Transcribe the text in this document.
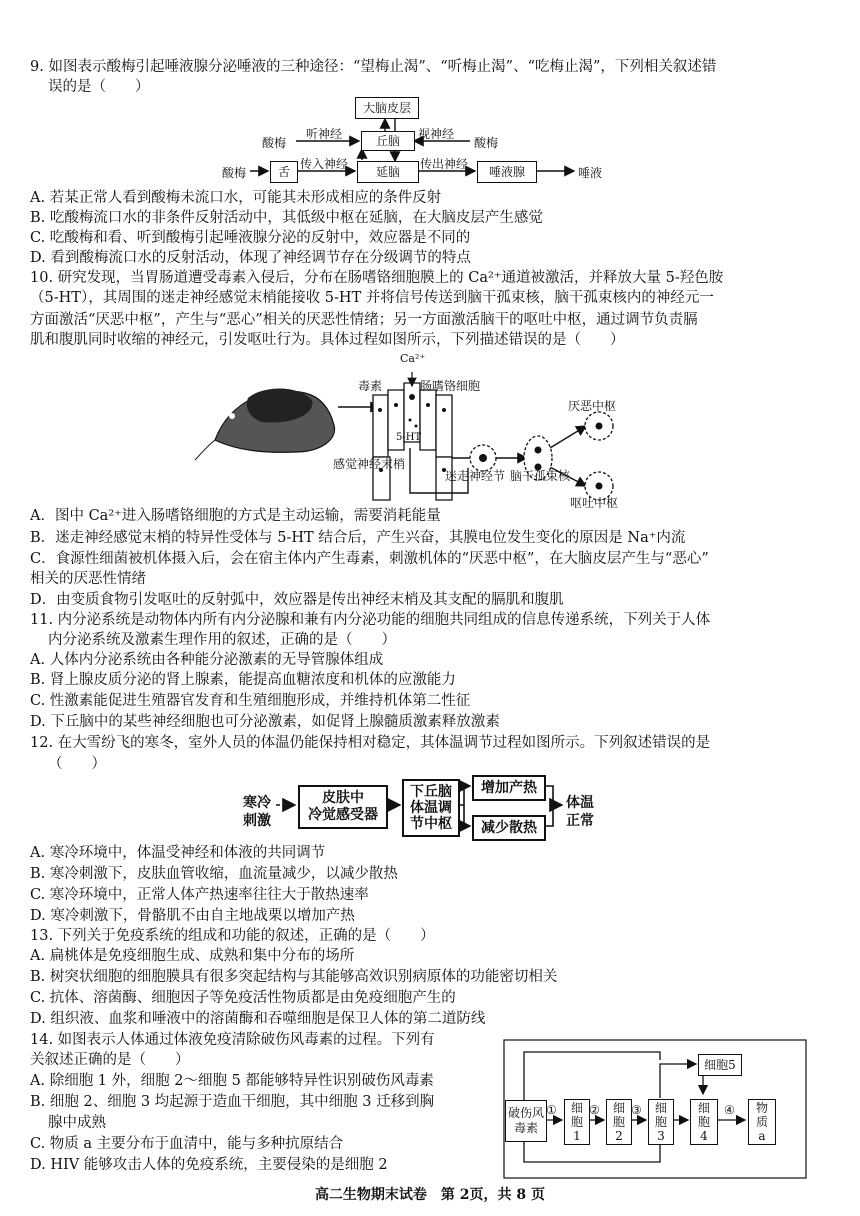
9. 如图表示酸梅引起唾液腺分泌唾液的三种途径：“望梅止渴”、“听梅止渴”、“吃梅止渴”，下列相关叙述错
误的是（　　）
大脑皮层
丘脑
延脑
舌	唾液腺
酸梅	酸梅
酸梅
听神经	视神经
传入神经	传出神经
唾液
A. 若某正常人看到酸梅未流口水，可能其未形成相应的条件反射
B. 吃酸梅流口水的非条件反射活动中，其低级中枢在延脑，在大脑皮层产生感觉
C. 吃酸梅和看、听到酸梅引起唾液腺分泌的反射中，效应器是不同的
D. 看到酸梅流口水的反射活动，体现了神经调节存在分级调节的特点
10. 研究发现，当胃肠道遭受毒素入侵后，分布在肠嗜铬细胞膜上的 Ca²⁺通道被激活，并释放大量 5-羟色胺
（5-HT），其周围的迷走神经感觉末梢能接收 5-HT 并将信号传送到脑干孤束核，脑干孤束核内的神经元一
方面激活“厌恶中枢”，产生与“恶心”相关的厌恶性情绪；另一方面激活脑干的呕吐中枢，通过调节负责膈
肌和腹肌同时收缩的神经元，引发呕吐行为。具体过程如图所示，下列描述错误的是（　　）
Ca²⁺
毒素	肠嗜铬细胞
5-HT
感觉神经末梢
迷走神经节 脑干孤束核
厌恶中枢
呕吐中枢
A．图中 Ca²⁺进入肠嗜铬细胞的方式是主动运输，需要消耗能量
B．迷走神经感觉末梢的特异性受体与 5-HT 结合后，产生兴奋，其膜电位发生变化的原因是 Na⁺内流
C．食源性细菌被机体摄入后，会在宿主体内产生毒素，刺激机体的“厌恶中枢”，在大脑皮层产生与“恶心”
相关的厌恶性情绪
D．由变质食物引发呕吐的反射弧中，效应器是传出神经末梢及其支配的膈肌和腹肌
11. 内分泌系统是动物体内所有内分泌腺和兼有内分泌功能的细胞共同组成的信息传递系统，下列关于人体
内分泌系统及激素生理作用的叙述，正确的是（　　）
A. 人体内分泌系统由各种能分泌激素的无导管腺体组成
B. 肾上腺皮质分泌的肾上腺素，能提高血糖浓度和机体的应激能力
C. 性激素能促进生殖器官发育和生殖细胞形成，并维持机体第二性征
D. 下丘脑中的某些神经细胞也可分泌激素，如促肾上腺髓质激素释放激素
12. 在大雪纷飞的寒冬，室外人员的体温仍能保持相对稳定，其体温调节过程如图所示。下列叙述错误的是
（　　）
寒冷
刺激
皮肤中
冷觉感受器
下丘脑
体温调
节中枢
增加产热
减少散热
体温
正常
A. 寒冷环境中，体温受神经和体液的共同调节
B. 寒冷刺激下，皮肤血管收缩，血流量减少，以减少散热
C. 寒冷环境中，正常人体产热速率往往大于散热速率
D. 寒冷刺激下，骨骼肌不由自主地战栗以增加产热
13. 下列关于免疫系统的组成和功能的叙述，正确的是（　　）
A. 扁桃体是免疫细胞生成、成熟和集中分布的场所
B. 树突状细胞的细胞膜具有很多突起结构与其能够高效识别病原体的功能密切相关
C. 抗体、溶菌酶、细胞因子等免疫活性物质都是由免疫细胞产生的
D. 组织液、血浆和唾液中的溶菌酶和吞噬细胞是保卫人体的第二道防线
14. 如图表示人体通过体液免疫清除破伤风毒素的过程。下列有
关叙述正确的是（　　）
A. 除细胞 1 外，细胞 2～细胞 5 都能够特异性识别破伤风毒素
B. 细胞 2、细胞 3 均起源于造血干细胞，其中细胞 3 迁移到胸
腺中成熟
C. 物质 a 主要分布于血清中，能与多种抗原结合
D. HIV 能够攻击人体的免疫系统，主要侵染的是细胞 2
破伤风
毒素
细
胞
1
细
胞
2
细
胞
3
细
胞
4
细胞5
物
质
a
①	②	③	④
高二生物期末试卷　第 2页，共 8 页
